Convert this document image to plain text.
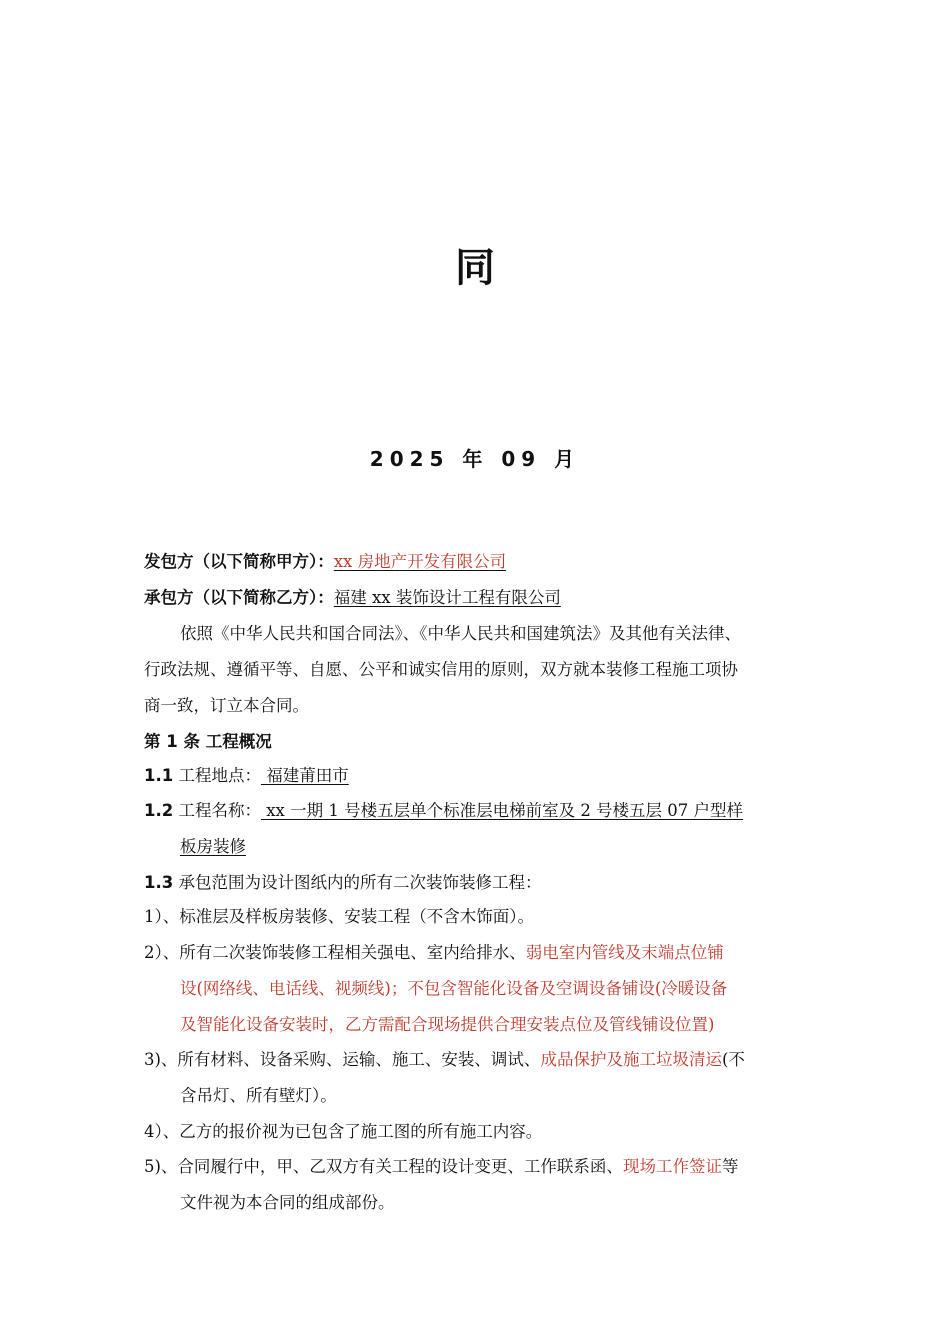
同
2025 年 09 月
发包方（以下简称甲方）：xx 房地产开发有限公司
承包方（以下简称乙方）：福建 xx 装饰设计工程有限公司
依照《中华人民共和国合同法》、《中华人民共和国建筑法》及其他有关法律、
行政法规、遵循平等、自愿、公平和诚实信用的原则，双方就本装修工程施工项协
商一致，订立本合同。
第 1 条 工程概况
1.1 工程地点： 福建莆田市
1.2 工程名称： xx 一期 1 号楼五层单个标准层电梯前室及 2 号楼五层 07 户型样
板房装修
1.3 承包范围为设计图纸内的所有二次装饰装修工程：
1）、标准层及样板房装修、安装工程（不含木饰面）。
2）、所有二次装饰装修工程相关强电、室内给排水、弱电室内管线及末端点位铺
设(网络线、电话线、视频线)；不包含智能化设备及空调设备铺设(冷暖设备
及智能化设备安装时，乙方需配合现场提供合理安装点位及管线铺设位置)
3)、所有材料、设备采购、运输、施工、安装、调试、成品保护及施工垃圾清运(不
含吊灯、所有壁灯）。
4）、乙方的报价视为已包含了施工图的所有施工内容。
5)、合同履行中，甲、乙双方有关工程的设计变更、工作联系函、现场工作签证等
文件视为本合同的组成部份。
